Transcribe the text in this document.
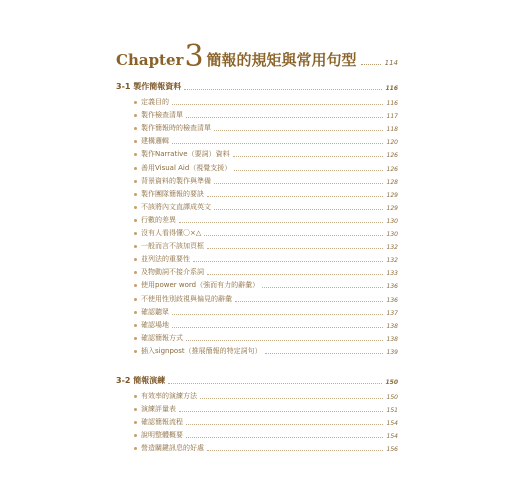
Chapter 3 簡報的規矩與常用句型	114
3-1 製作簡報資料	116
定義目的	116
製作檢查清單	117
製作簡報時的檢查清單	118
建構邏輯	120
製作Narrative（要詞）資料	126
善用Visual Aid（視覺支援）	126
背景資料的製作與準備	128
製作團隊簡報的要訣	129
不該將內文直譯成英文	129
行數的差異	130
沒有人看得懂〇×△	130
一般而言不該加頁框	132
並列法的重要性	132
及物動詞不接介系詞	133
使用power word（強而有力的辭彙）	136
不使用性別歧視與偏見的辭彙	136
確認聽眾	137
確認場地	138
確認簡報方式	138
插入signpost（推展簡報的特定詞句）	139
3-2 簡報演練	150
有效率的演練方法	150
演練評量表	151
確認簡報流程	154
說明整體概要	154
營造關鍵訊息的好處	156
